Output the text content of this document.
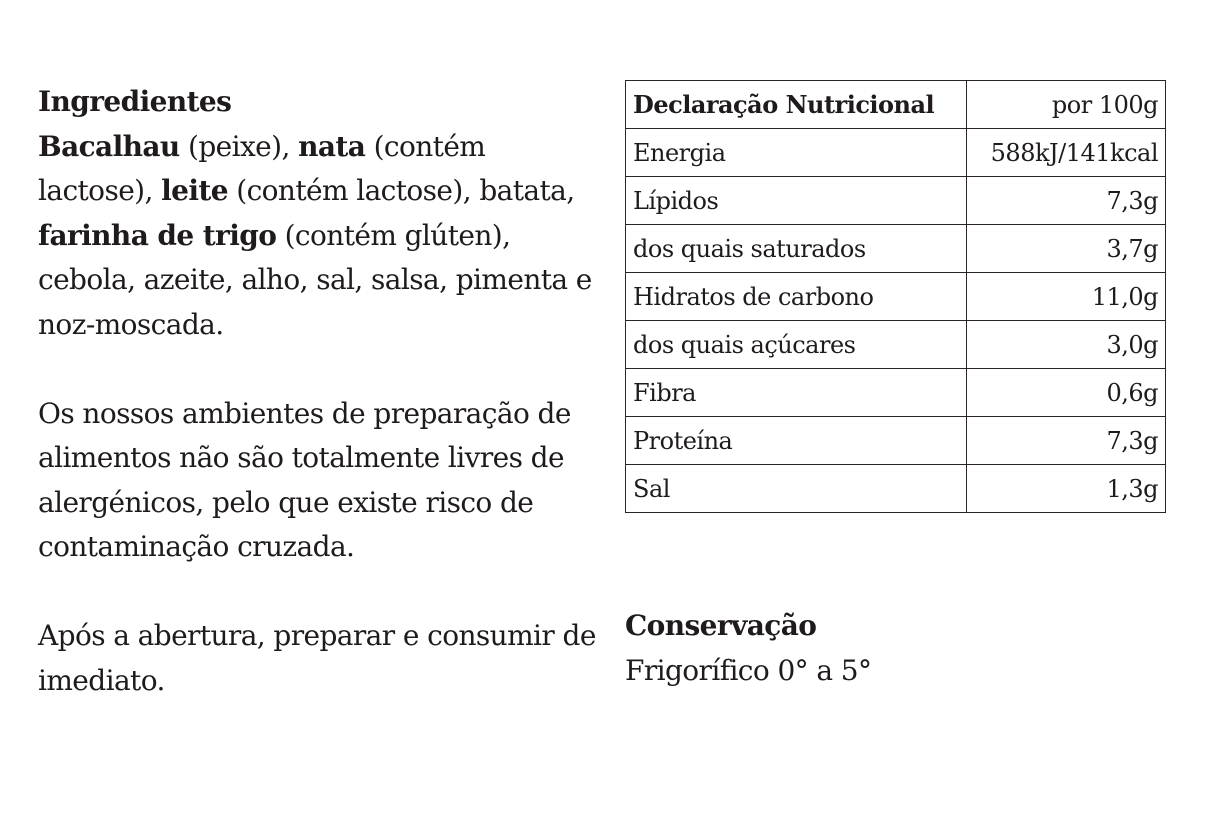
Ingredientes

Bacalhau (peixe), nata (contém lactose), leite (contém lactose), batata, farinha de trigo (contém glúten), cebola, azeite, alho, sal, salsa, pimenta e noz-moscada.

Os nossos ambientes de preparação de alimentos não são totalmente livres de alergénicos, pelo que existe risco de contaminação cruzada.

Após a abertura, preparar e consumir de imediato.

Declaração Nutricional	por 100g
Energia	588kJ/141kcal
Lípidos	7,3g
dos quais saturados	3,7g
Hidratos de carbono	11,0g
dos quais açúcares	3,0g
Fibra	0,6g
Proteína	7,3g
Sal	1,3g

Conservação

Frigorífico 0° a 5°
